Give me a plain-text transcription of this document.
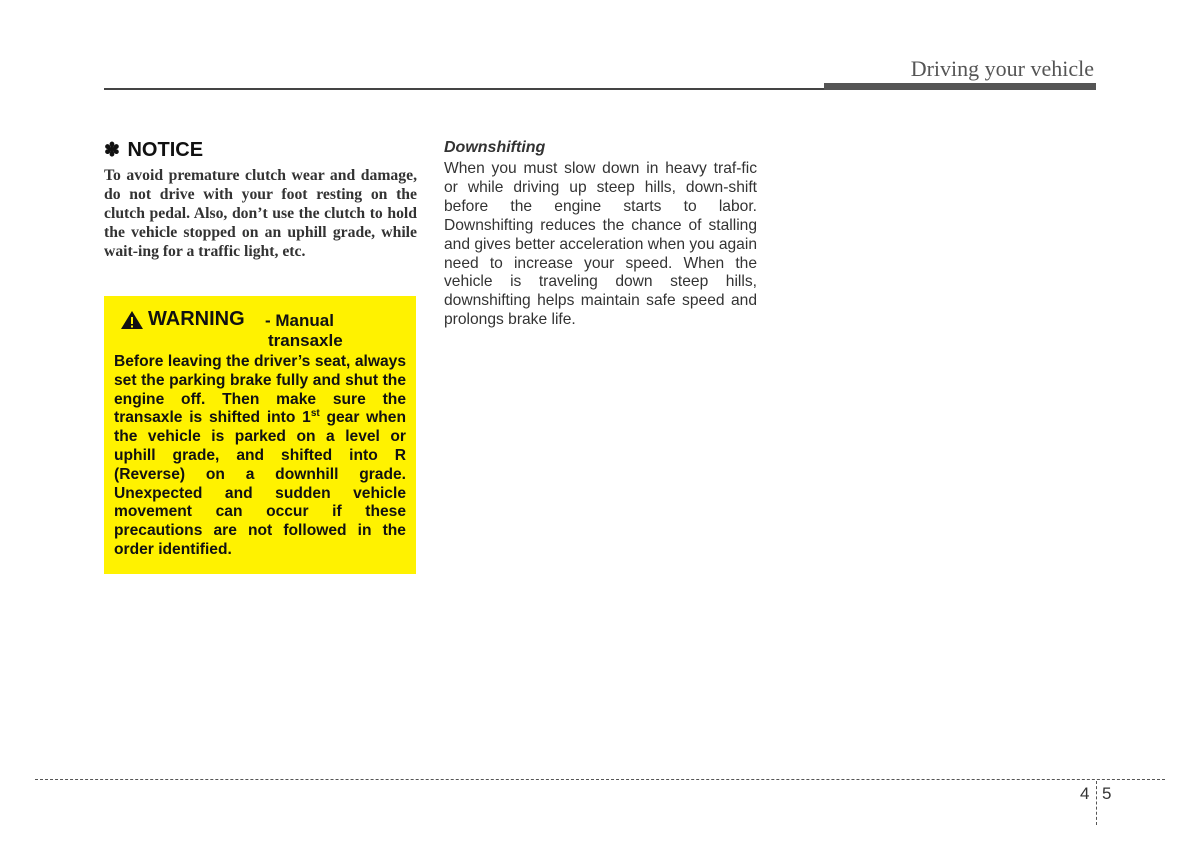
Driving your vehicle
✽ NOTICE

To avoid premature clutch wear and damage, do not drive with your foot resting on the clutch pedal. Also, don’t use the clutch to hold the vehicle stopped on an uphill grade, while wait-ing for a traffic light, etc.

WARNING - Manual
transaxle

Before leaving the driver’s seat, always set the parking brake fully and shut the engine off. Then make sure the transaxle is shifted into 1st gear when the vehicle is parked on a level or uphill grade, and shifted into R (Reverse) on a downhill grade. Unexpected and sudden vehicle movement can occur if these precautions are not followed in the order identified.

Downshifting

When you must slow down in heavy traf-fic or while driving up steep hills, down-shift before the engine starts to labor. Downshifting reduces the chance of stalling and gives better acceleration when you again need to increase your speed. When the vehicle is traveling down steep hills, downshifting helps maintain safe speed and prolongs brake life.

4 5
